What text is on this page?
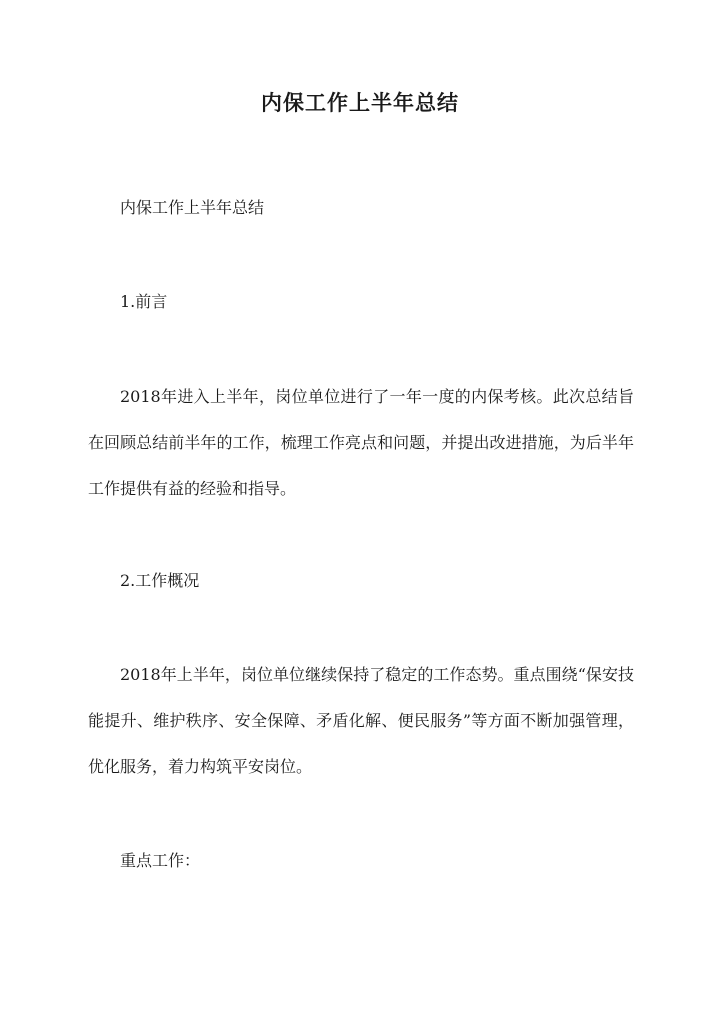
内保工作上半年总结

内保工作上半年总结

1.前言

2018年进入上半年，岗位单位进行了一年一度的内保考核。此次总结旨在回顾总结前半年的工作，梳理工作亮点和问题，并提出改进措施，为后半年工作提供有益的经验和指导。

2.工作概况

2018年上半年，岗位单位继续保持了稳定的工作态势。重点围绕“保安技能提升、维护秩序、安全保障、矛盾化解、便民服务”等方面不断加强管理，优化服务，着力构筑平安岗位。

重点工作：
